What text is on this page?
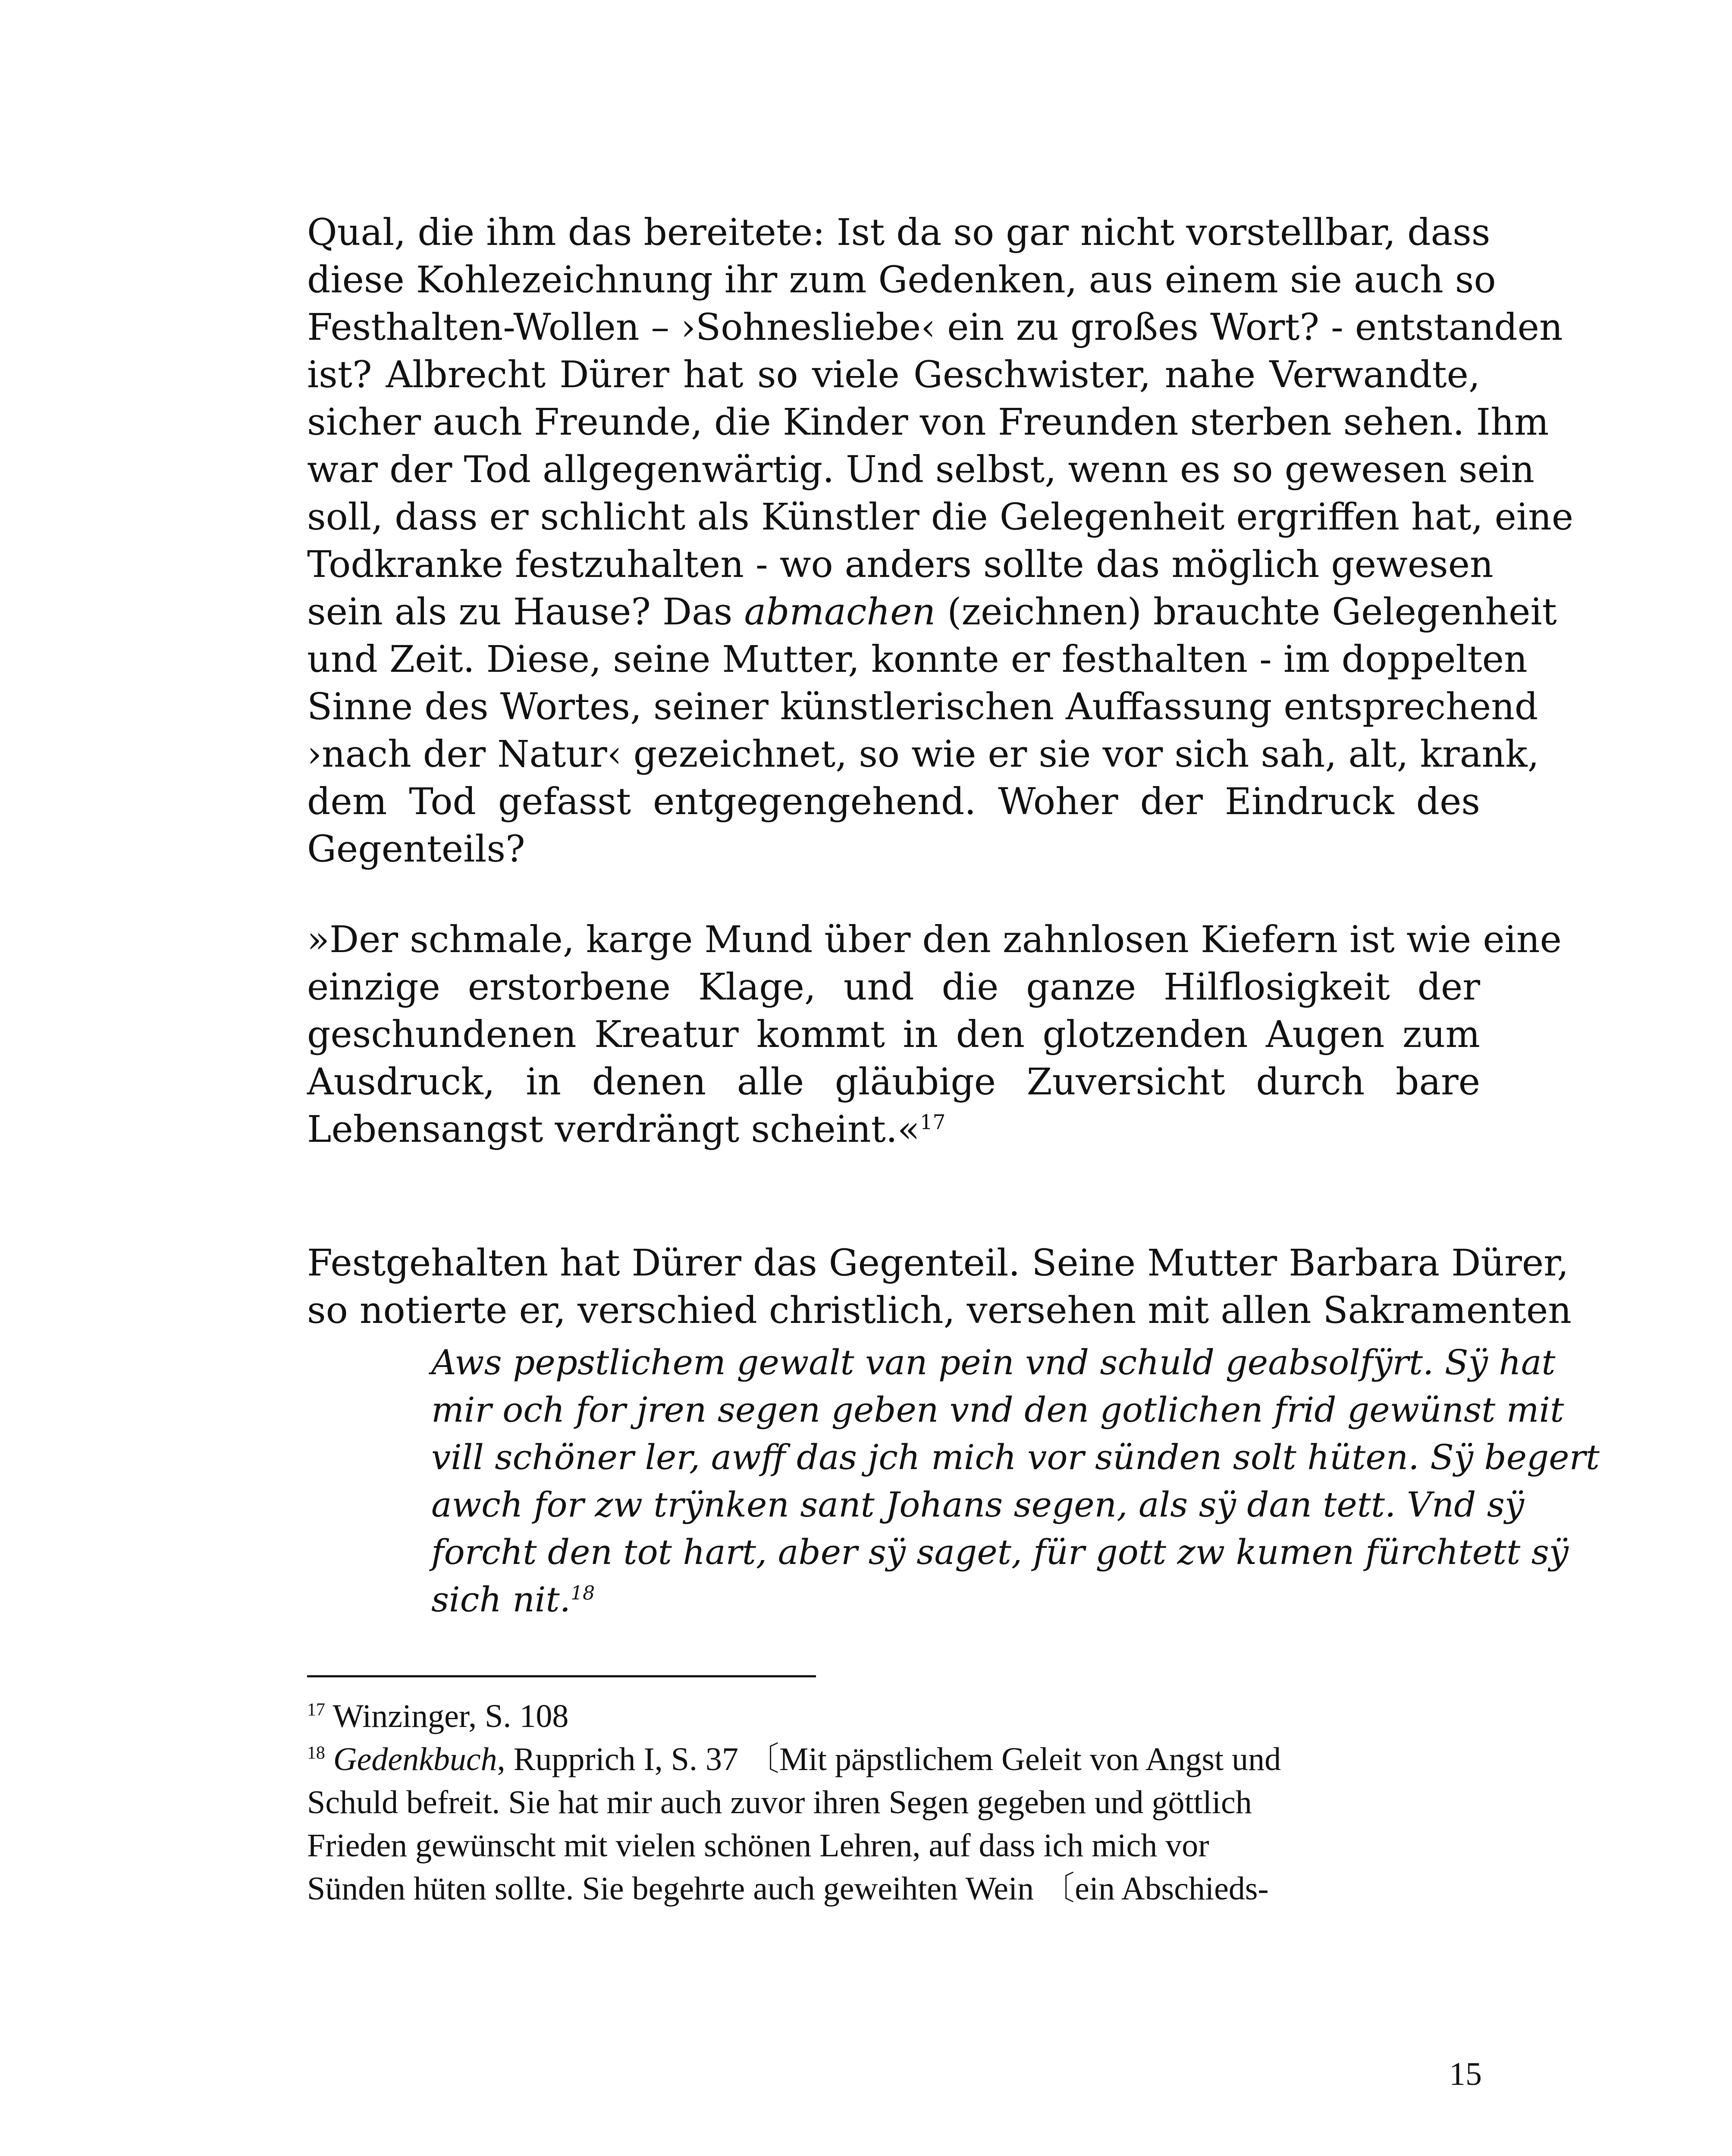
Qual, die ihm das bereitete: Ist da so gar nicht vorstellbar, dass
diese Kohlezeichnung ihr zum Gedenken, aus einem sie auch so
Festhalten-Wollen – ›Sohnesliebe‹ ein zu großes Wort? - entstanden
ist? Albrecht Dürer hat so viele Geschwister, nahe Verwandte,
sicher auch Freunde, die Kinder von Freunden sterben sehen. Ihm
war der Tod allgegenwärtig. Und selbst, wenn es so gewesen sein
soll, dass er schlicht als Künstler die Gelegenheit ergriffen hat, eine
Todkranke festzuhalten - wo anders sollte das möglich gewesen
sein als zu Hause? Das abmachen (zeichnen) brauchte Gelegenheit
und Zeit. Diese, seine Mutter, konnte er festhalten - im doppelten
Sinne des Wortes, seiner künstlerischen Auffassung entsprechend
›nach der Natur‹ gezeichnet, so wie er sie vor sich sah, alt, krank,
dem Tod gefasst entgegengehend. Woher der Eindruck des
Gegenteils?
»Der schmale, karge Mund über den zahnlosen Kiefern ist wie eine
einzige erstorbene Klage, und die ganze Hilflosigkeit der
geschundenen Kreatur kommt in den glotzenden Augen zum
Ausdruck, in denen alle gläubige Zuversicht durch bare
Lebensangst verdrängt scheint.«$^{17}$
Festgehalten hat Dürer das Gegenteil. Seine Mutter Barbara Dürer,
so notierte er, verschied christlich, versehen mit allen Sakramenten
Aws pepstlichem gewalt van pein vnd schuld geabsolfÿrt. Sÿ hat
mir och for jren segen geben vnd den gotlichen frid gewünst mit
vill schöner ler, awff das jch mich vor sünden solt hüten. Sÿ begert
awch for zw trÿnken sant Johans segen, als sÿ dan tett. Vnd sÿ
forcht den tot hart, aber sÿ saget, für gott zw kumen fürchtett sÿ
sich nit.$^{18}$
$^{17}$ Winzinger, S. 108
$^{18}$ Gedenkbuch, Rupprich I, S. 37 〔Mit päpstlichem Geleit von Angst und
Schuld befreit. Sie hat mir auch zuvor ihren Segen gegeben und göttlich
Frieden gewünscht mit vielen schönen Lehren, auf dass ich mich vor
Sünden hüten sollte. Sie begehrte auch geweihten Wein 〔ein Abschieds-
15
